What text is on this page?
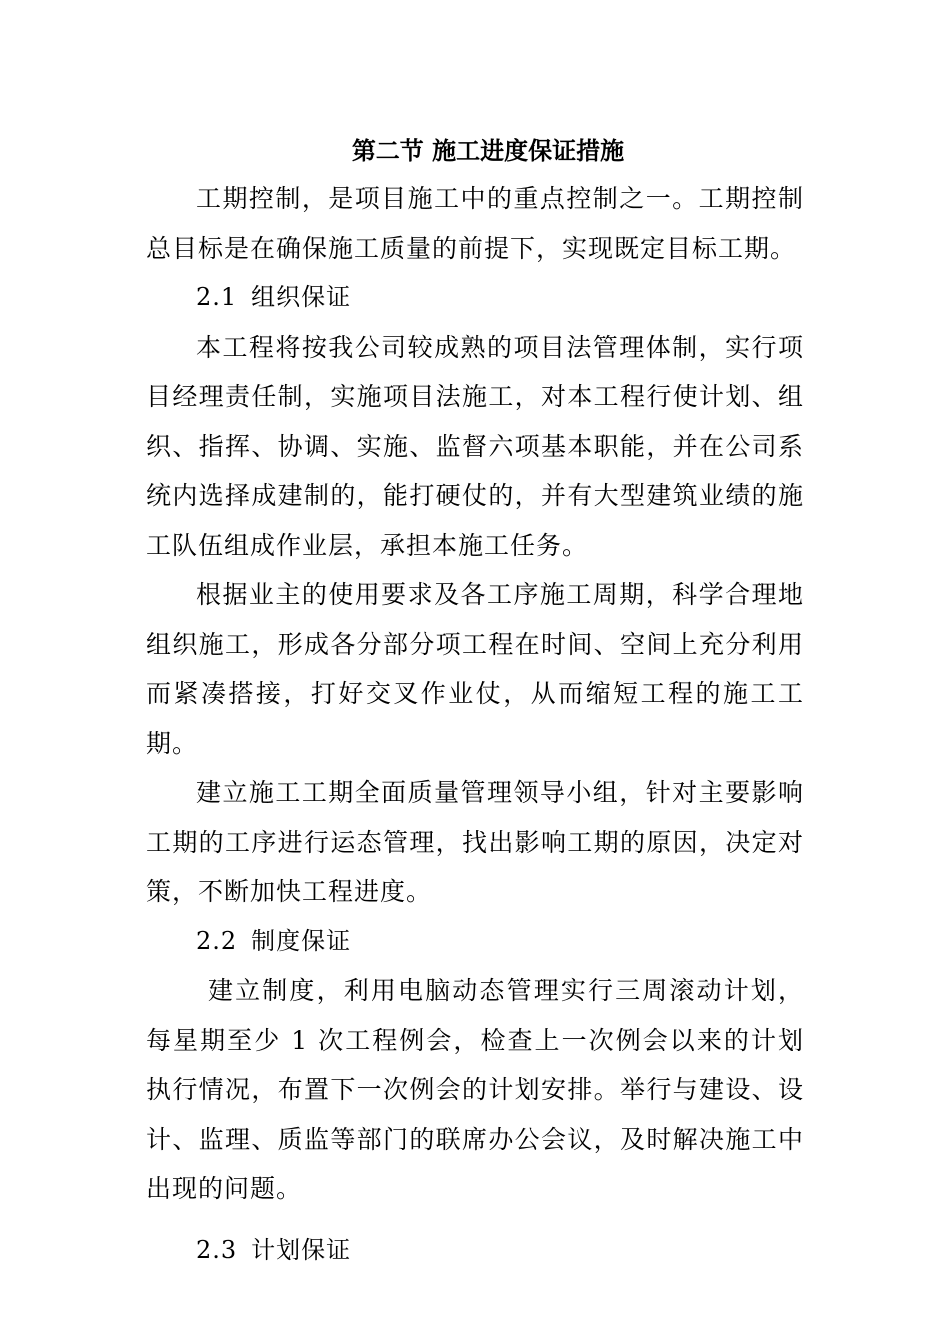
第二节 施工进度保证措施

工期控制，是项目施工中的重点控制之一。工期控制总目标是在确保施工质量的前提下，实现既定目标工期。

2.1 组织保证

本工程将按我公司较成熟的项目法管理体制，实行项目经理责任制，实施项目法施工，对本工程行使计划、组织、指挥、协调、实施、监督六项基本职能，并在公司系统内选择成建制的，能打硬仗的，并有大型建筑业绩的施工队伍组成作业层，承担本施工任务。

根据业主的使用要求及各工序施工周期，科学合理地组织施工，形成各分部分项工程在时间、空间上充分利用而紧凑搭接，打好交叉作业仗，从而缩短工程的施工工期。

建立施工工期全面质量管理领导小组，针对主要影响工期的工序进行运态管理，找出影响工期的原因，决定对策，不断加快工程进度。

2.2 制度保证

建立制度，利用电脑动态管理实行三周滚动计划，每星期至少 1 次工程例会，检查上一次例会以来的计划执行情况，布置下一次例会的计划安排。举行与建设、设计、监理、质监等部门的联席办公会议，及时解决施工中出现的问题。

2.3 计划保证
